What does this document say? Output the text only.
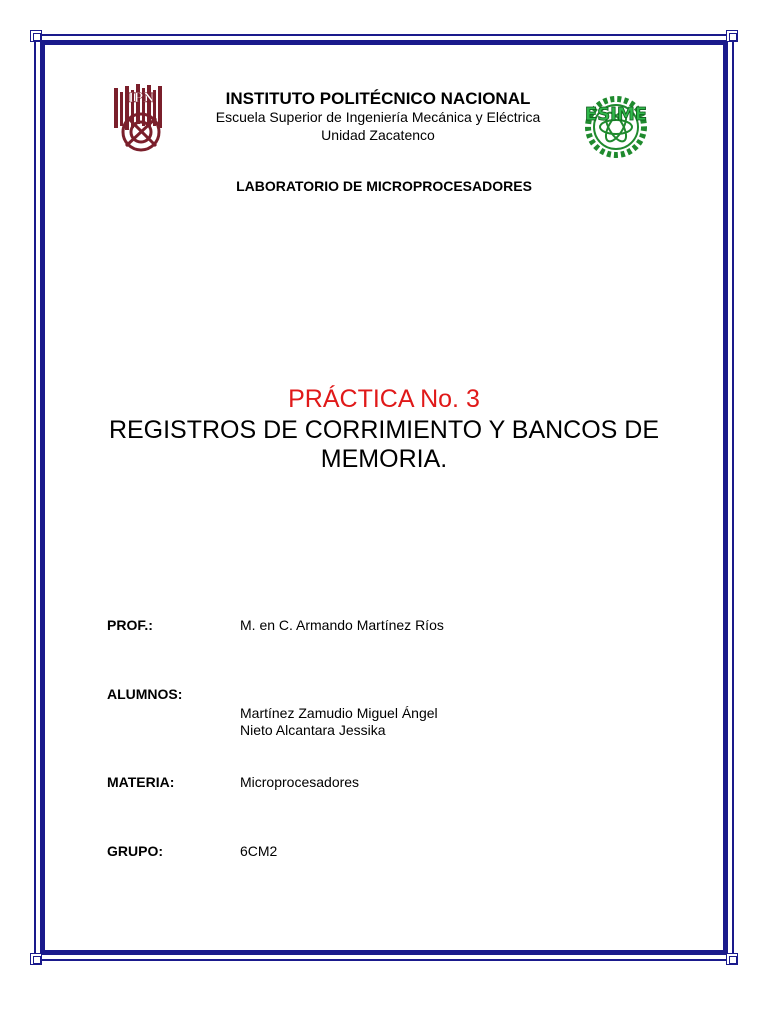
IPN
ESIME
INSTITUTO POLITÉCNICO NACIONAL
Escuela Superior de Ingeniería Mecánica y Eléctrica
Unidad Zacatenco
LABORATORIO DE MICROPROCESADORES
PRÁCTICA No. 3
REGISTROS DE CORRIMIENTO Y BANCOS DE
MEMORIA.
PROF.:	M. en C. Armando Martínez Ríos
ALUMNOS:
Martínez Zamudio Miguel Ángel
Nieto Alcantara Jessika
MATERIA:	Microprocesadores
GRUPO:	6CM2
